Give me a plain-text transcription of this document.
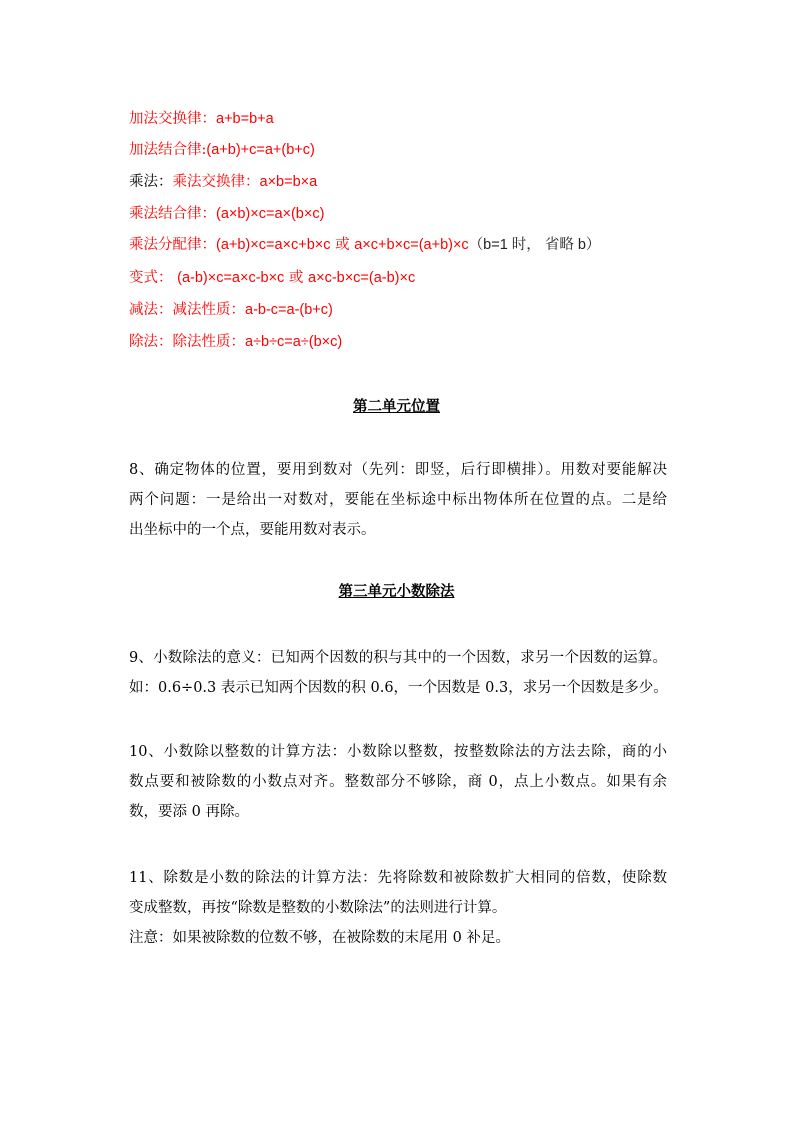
加法交换律：a+b=b+a
加法结合律:(a+b)+c=a+(b+c)
乘法：乘法交换律：a×b=b×a
乘法结合律：(a×b)×c=a×(b×c)
乘法分配律：(a+b)×c=a×c+b×c 或 a×c+b×c=(a+b)×c（b=1 时， 省略 b）
变式： (a-b)×c=a×c-b×c 或 a×c-b×c=(a-b)×c
减法：减法性质：a-b-c=a-(b+c)
除法：除法性质：a÷b÷c=a÷(b×c)
第二单元位置
8、确定物体的位置，要用到数对（先列：即竖，后行即横排）。用数对要能解决
两个问题：一是给出一对数对，要能在坐标途中标出物体所在位置的点。二是给
出坐标中的一个点，要能用数对表示。
第三单元小数除法
9、小数除法的意义：已知两个因数的积与其中的一个因数，求另一个因数的运算。
如：0.6÷0.3 表示已知两个因数的积 0.6，一个因数是 0.3，求另一个因数是多少。
10、小数除以整数的计算方法：小数除以整数，按整数除法的方法去除，商的小
数点要和被除数的小数点对齐。整数部分不够除，商 0，点上小数点。如果有余
数，要添 0 再除。
11、除数是小数的除法的计算方法：先将除数和被除数扩大相同的倍数，使除数
变成整数，再按“除数是整数的小数除法”的法则进行计算。
注意：如果被除数的位数不够，在被除数的末尾用 0 补足。
